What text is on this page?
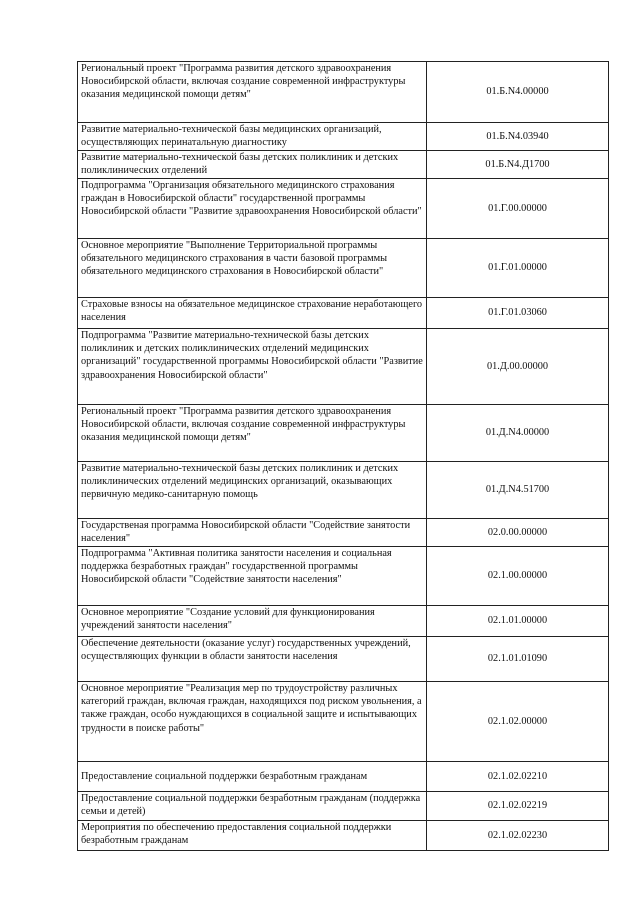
Региональный проект "Программа развития детского здравоохранения Новосибирской области, включая создание современной инфраструктуры оказания медицинской помощи детям"	01.Б.N4.00000
Развитие материально-технической базы медицинских организаций, осуществляющих перинатальную диагностику	01.Б.N4.03940
Развитие материально-технической базы детских поликлиник и детских поликлинических отделений	01.Б.N4.Д1700
Подпрограмма "Организация обязательного медицинского страхования граждан в Новосибирской области" государственной программы Новосибирской области "Развитие здравоохранения Новосибирской области"	01.Г.00.00000
Основное мероприятие "Выполнение Территориальной программы обязательного медицинского страхования в части базовой программы обязательного медицинского страхования в Новосибирской области"	01.Г.01.00000
Страховые взносы на обязательное медицинское страхование неработающего населения	01.Г.01.03060
Подпрограмма "Развитие материально-технической базы детских поликлиник и детских поликлинических отделений медицинских организаций" государственной программы Новосибирской области "Развитие здравоохранения Новосибирской области"	01.Д.00.00000
Региональный проект "Программа развития детского здравоохранения Новосибирской области, включая создание современной инфраструктуры оказания медицинской помощи детям"	01.Д.N4.00000
Развитие материально-технической базы детских поликлиник и детских поликлинических отделений медицинских организаций, оказывающих первичную медико-санитарную помощь	01.Д.N4.51700
Государственая программа Новосибирской области "Содействие занятости населения"	02.0.00.00000
Подпрограмма "Активная политика занятости населения и социальная поддержка безработных граждан" государственной программы Новосибирской области "Содействие занятости населения"	02.1.00.00000
Основное мероприятие "Создание условий для функционирования учреждений занятости населения"	02.1.01.00000
Обеспечение деятельности (оказание услуг) государственных учреждений, осуществляющих функции в области занятости населения	02.1.01.01090
Основное мероприятие "Реализация мер по трудоустройству различных категорий граждан, включая граждан, находящихся под риском увольнения, а также граждан, особо нуждающихся в социальной защите и испытывающих трудности в поиске работы"	02.1.02.00000
Предоставление социальной поддержки безработным гражданам	02.1.02.02210
Предоставление социальной поддержки безработным гражданам (поддержка семьи и детей)	02.1.02.02219
Мероприятия по обеспечению предоставления социальной поддержки безработным гражданам	02.1.02.02230
